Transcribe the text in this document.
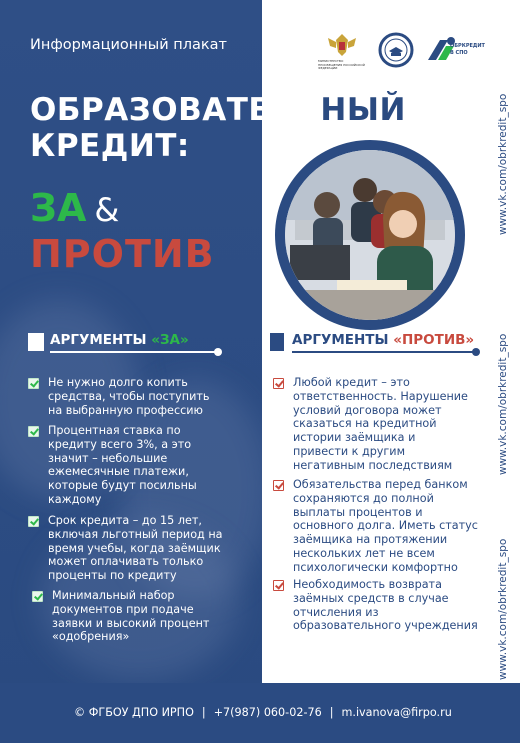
Информационный плакат
ОБРАЗОВАТЕЛЬНЫЙ
КРЕДИТ:
ЗА &
ПРОТИВ
МИНИСТЕРСТВО ПРОСВЕЩЕНИЯ РОССИЙСКОЙ ФЕДЕРАЦИИ
ОБРКРЕДИТ
В СПО
www.vk.com/obrkredit_spo
www.vk.com/obrkredit_spo
www.vk.com/obrkredit_spo
АРГУМЕНТЫ «ЗА»	АРГУМЕНТЫ «ПРОТИВ»
Не нужно долго копить средства, чтобы поступить на выбранную профессию
Процентная ставка по кредиту всего 3%, а это значит – небольшие ежемесячные платежи, которые будут посильны каждому
Срок кредита – до 15 лет, включая льготный период на время учебы, когда заёмщик может оплачивать только проценты по кредиту
Минимальный набор документов при подаче заявки и высокий процент «одобрения»
Любой кредит – это ответственность. Нарушение условий договора может сказаться на кредитной истории заёмщика и привести к другим негативным последствиям
Обязательства перед банком сохраняются до полной выплаты процентов и основного долга. Иметь статус заёмщика на протяжении нескольких лет не всем психологически комфортно
Необходимость возврата заёмных средств в случае отчисления из образовательного учреждения
© ФГБОУ ДПО ИРПО | +7(987) 060-02-76 | m.ivanova@firpo.ru
